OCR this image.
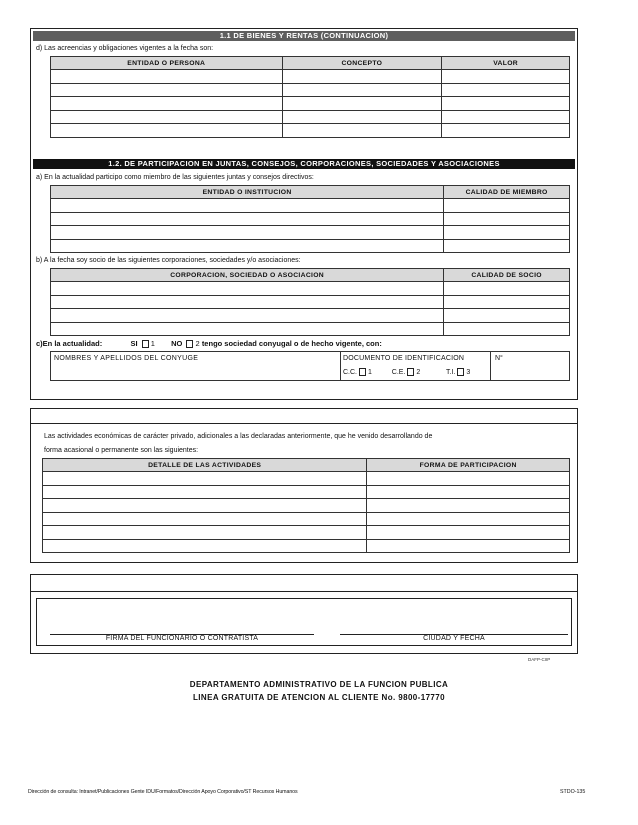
1.1 DE BIENES Y RENTAS (CONTINUACION)
d) Las acreencias y obligaciones vigentes a la fecha son:
ENTIDAD O PERSONA	CONCEPTO	VALOR

1.2. DE PARTICIPACION EN JUNTAS, CONSEJOS, CORPORACIONES, SOCIEDADES Y ASOCIACIONES
a) En la actualidad participo como miembro de las siguientes juntas y consejos directivos:
ENTIDAD O INSTITUCION	CALIDAD DE MIEMBRO

b) A la fecha soy socio de las siguientes corporaciones, sociedades y/o asociaciones:
CORPORACION, SOCIEDAD O ASOCIACION	CALIDAD DE SOCIO

c)En la actualidad:	SI 1 NO 2 tengo sociedad conyugal o de hecho vigente, con:
NOMBRES Y APELLIDOS DEL CONYUGE	DOCUMENTO DE IDENTIFICACION	N°
C.C. 1	C.E. 2	T.I. 3
Las actividades económicas de carácter privado, adicionales a las declaradas anteriormente, que he venido desarrollando de
forma acasional o permanente son las siguientes:
DETALLE DE LAS ACTIVIDADES	FORMA DE PARTICIPACION

FIRMA DEL FUNCIONARIO O CONTRATISTA	CIUDAD Y FECHA
DAFP-CIIP
DEPARTAMENTO ADMINISTRATIVO DE LA FUNCION PUBLICA
LINEA GRATUITA DE ATENCION AL CLIENTE No. 9800-17770
Dirección de consulta: Intranet/Publicaciones Gente IDU/Formatos/Dirección Apoyo Corporativo/ST Recursos Humanos	STDO-135
